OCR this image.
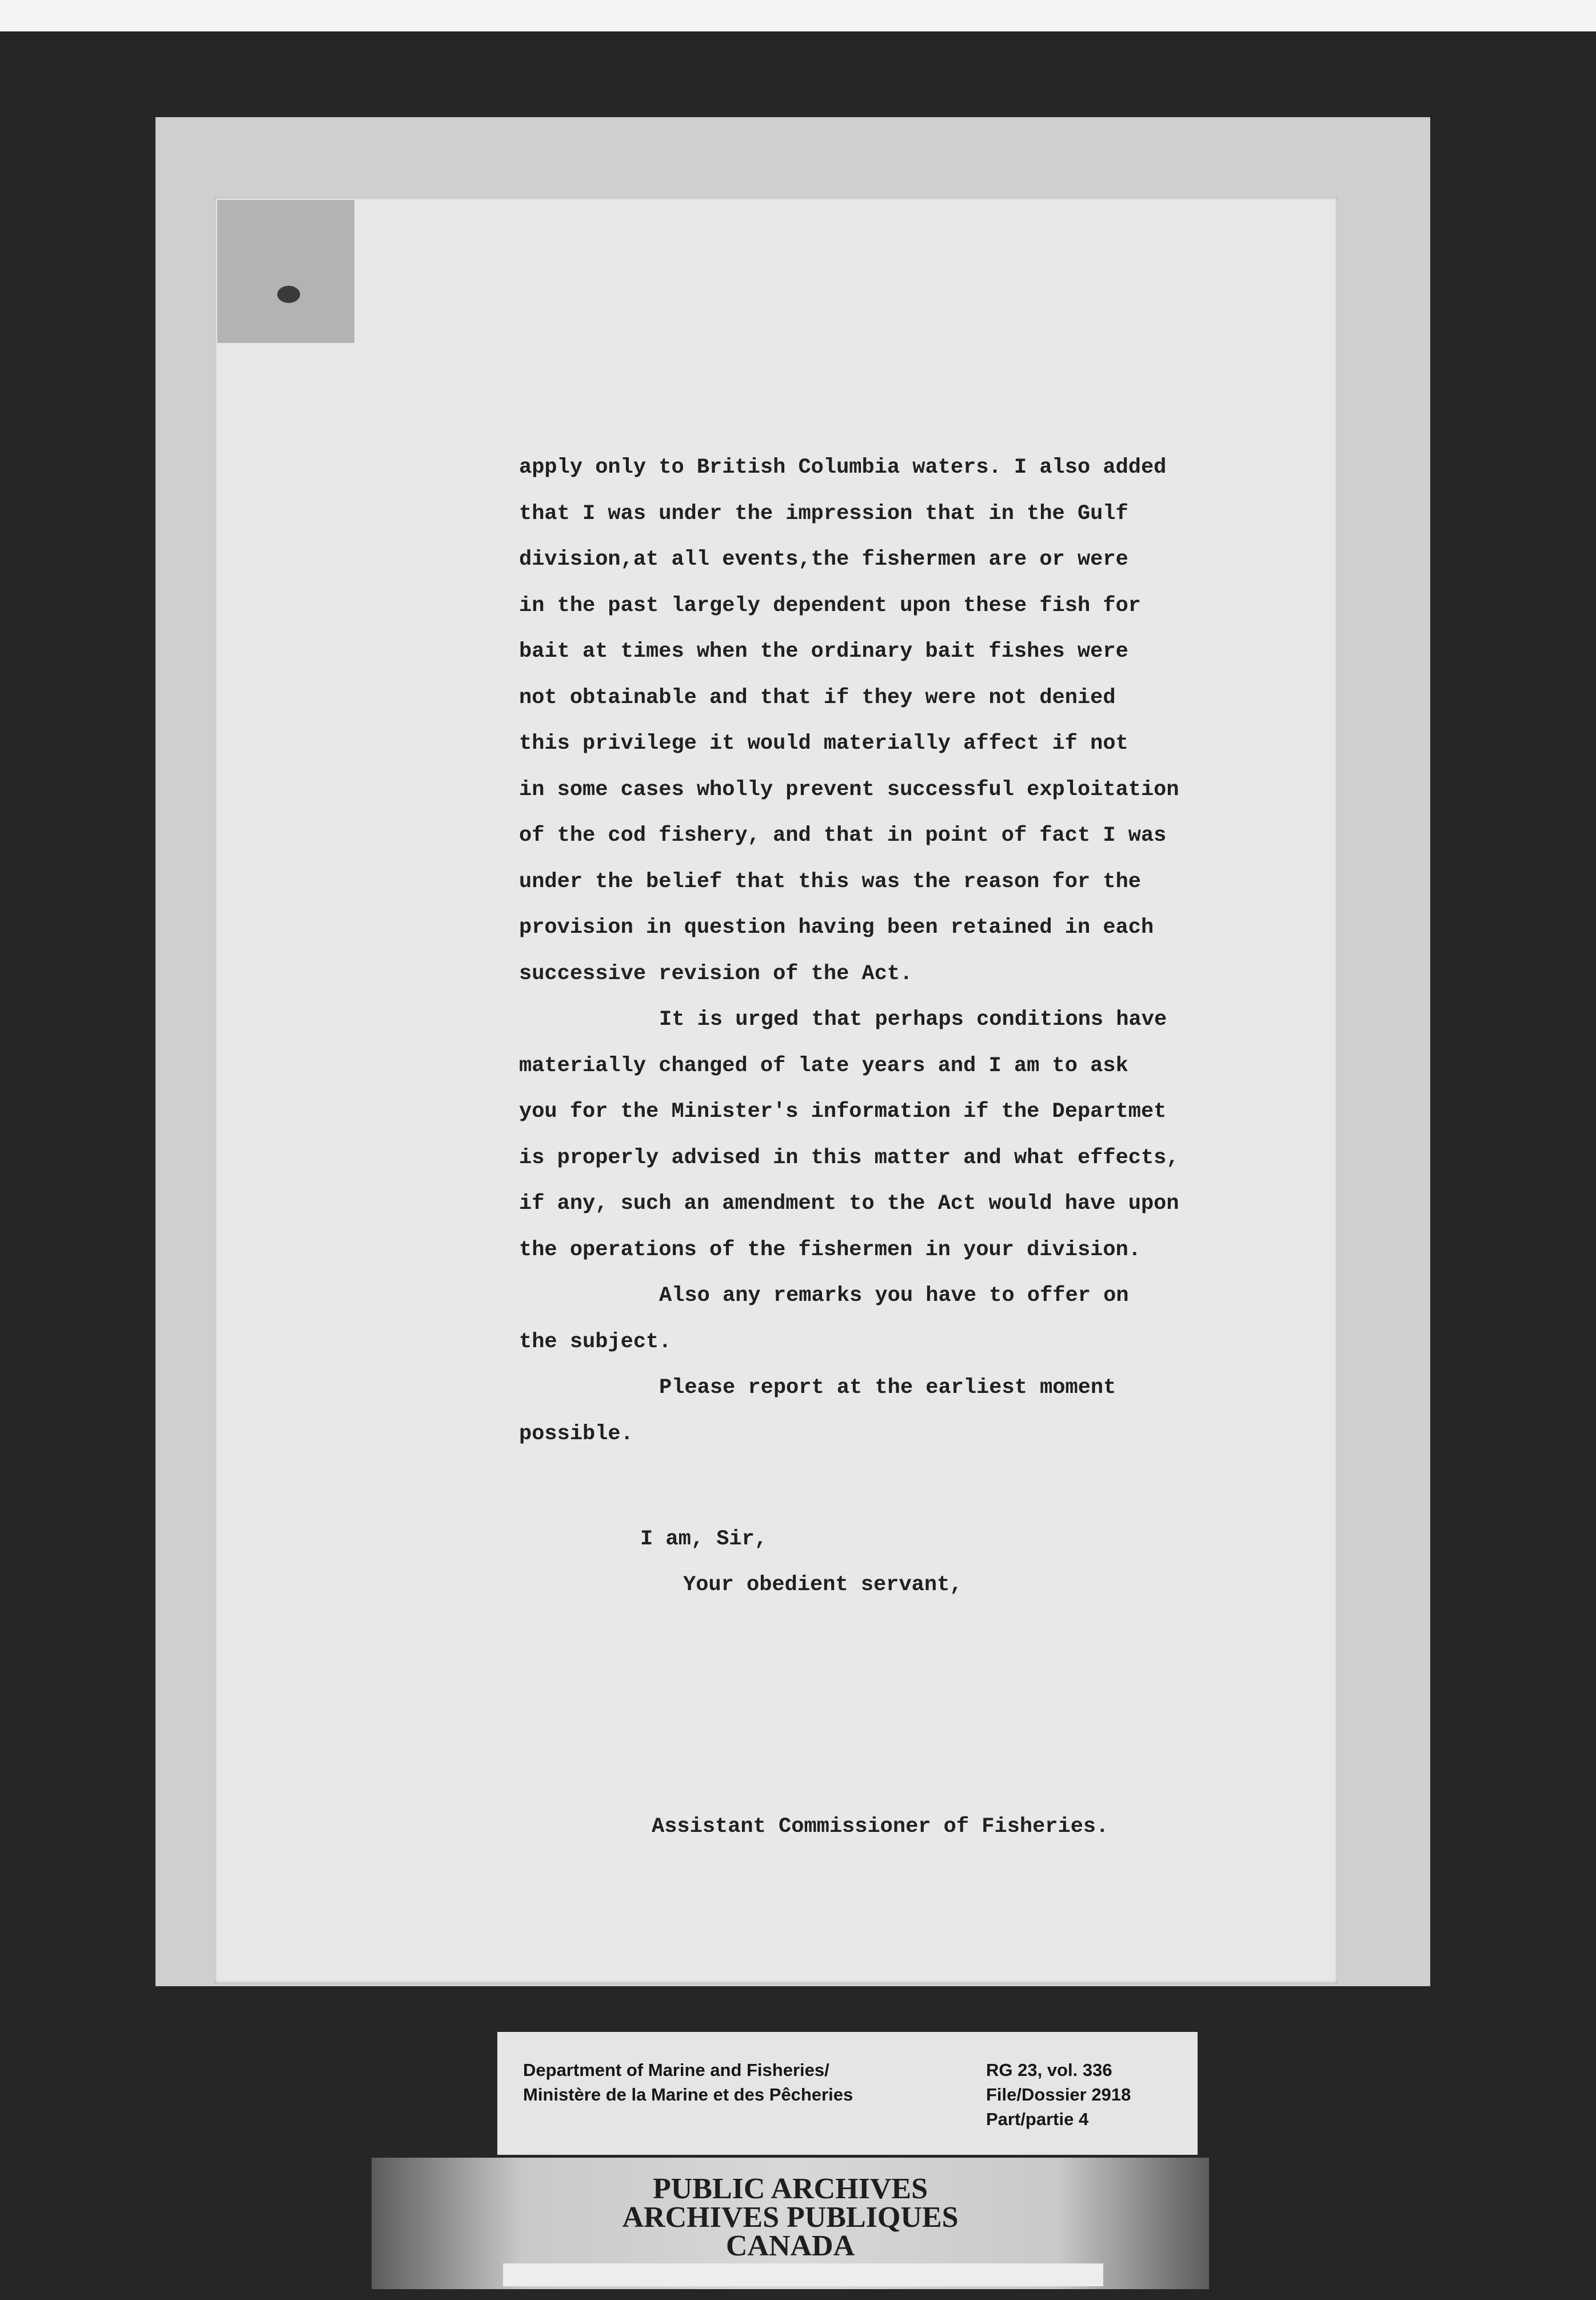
apply only to British Columbia waters. I also added
that I was under the impression that in the Gulf
division,at all events,the fishermen are or were
in the past largely dependent upon these fish for
bait at times when the ordinary bait fishes were
not obtainable and that if they were not denied
this privilege it would materially affect if not
in some cases wholly prevent successful exploitation
of the cod fishery, and that in point of fact I was
under the belief that this was the reason for the
provision in question having been retained in each
successive revision of the Act.
It is urged that perhaps conditions have
materially changed of late years and I am to ask
you for the Minister's information if the Departmet
is properly advised in this matter and what effects,
if any, such an amendment to the Act would have upon
the operations of the fishermen in your division.
Also any remarks you have to offer on
the subject.
Please report at the earliest moment
possible.
I am, Sir,
Your obedient servant,
Assistant Commissioner of Fisheries.
Department of Marine and Fisheries/
Ministère de la Marine et des Pêcheries
RG 23, vol. 336
File/Dossier 2918
Part/partie 4
PUBLIC ARCHIVES
ARCHIVES PUBLIQUES
CANADA
